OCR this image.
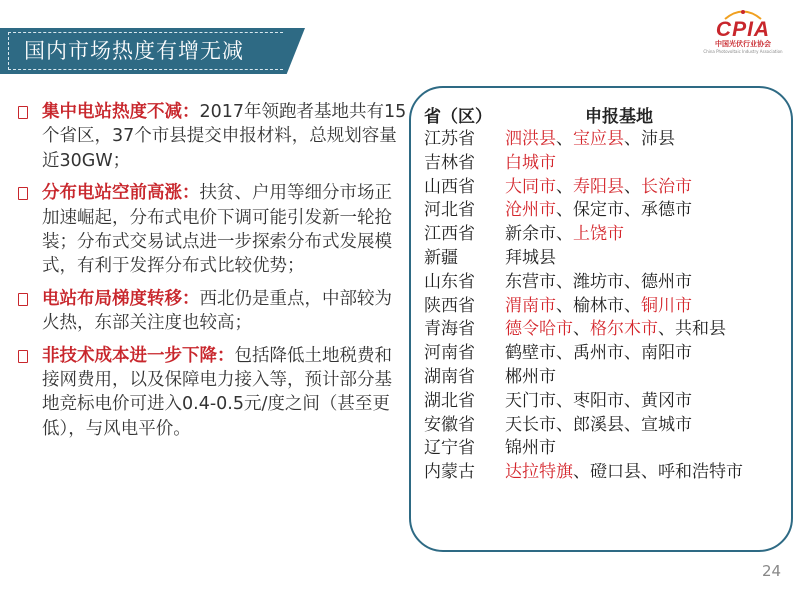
国内市场热度有增无减
CPIA
中国光伏行业协会
China Photovoltaic Industry Association
集中电站热度不减：2017年领跑者基地共有15个省区，37个市县提交申报材料，总规划容量近30GW；
分布电站空前高涨：扶贫、户用等细分市场正加速崛起，分布式电价下调可能引发新一轮抢装；分布式交易试点进一步探索分布式发展模式，有利于发挥分布式比较优势；
电站布局梯度转移：西北仍是重点，中部较为火热，东部关注度也较高；
非技术成本进一步下降：包括降低土地税费和接网费用，以及保障电力接入等，预计部分基地竞标电价可进入0.4-0.5元/度之间（甚至更低），与风电平价。
省（区）	申报基地
江苏省 泗洪县、宝应县、沛县
吉林省 白城市
山西省 大同市、寿阳县、长治市
河北省 沧州市、保定市、承德市
江西省 新余市、上饶市
新疆	拜城县
山东省 东营市、潍坊市、德州市
陕西省 渭南市、榆林市、铜川市
青海省 德令哈市、格尔木市、共和县
河南省 鹤壁市、禹州市、南阳市
湖南省 郴州市
湖北省 天门市、枣阳市、黄冈市
安徽省 天长市、郎溪县、宣城市
辽宁省 锦州市
内蒙古 达拉特旗、磴口县、呼和浩特市
24
